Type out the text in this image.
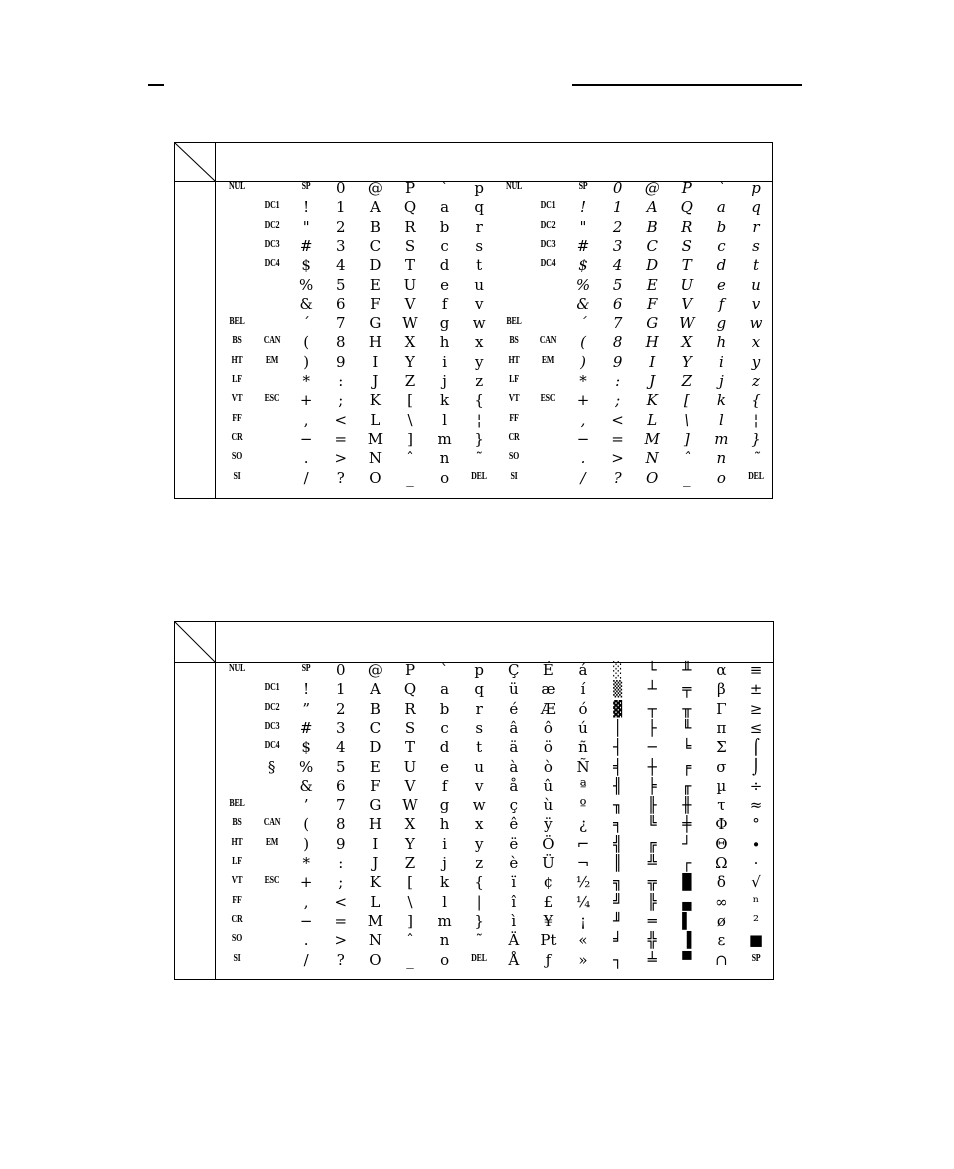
NUL
BEL
BS
HT
LF
VT
FF
CR
SO
SI
DC1
DC2
DC3
DC4
CAN
EM
ESC
SP
!
"
#
$
%
&
´
(
)
*
+
,
−
.
/
0
1
2
3
4
5
6
7
8
9
:
;
<
=
>
?
@
A
B
C
D
E
F
G
H
I
J
K
L
M
N
O
P
Q
R
S
T
U
V
W
X
Y
Z
[
\
]
ˆ
_
`
a
b
c
d
e
f
g
h
i
j
k
l
m
n
o
p
q
r
s
t
u
v
w
x
y
z
{
¦
}
˜
DEL
NUL
BEL
BS
HT
LF
VT
FF
CR
SO
SI
DC1
DC2
DC3
DC4
CAN
EM
ESC
SP
!
"
#
$
%
&
´
(
)
*
+
,
−
.
/
0
1
2
3
4
5
6
7
8
9
:
;
<
=
>
?
@
A
B
C
D
E
F
G
H
I
J
K
L
M
N
O
P
Q
R
S
T
U
V
W
X
Y
Z
[
\
]
ˆ
_
`
a
b
c
d
e
f
g
h
i
j
k
l
m
n
o
p
q
r
s
t
u
v
w
x
y
z
{
¦
}
˜
DEL
NUL
BEL
BS
HT
LF
VT
FF
CR
SO
SI
DC1
DC2
DC3
DC4
§
CAN
EM
ESC
SP
!
”
#
$
%
&
’
(
)
*
+
,
−
.
/
0
1
2
3
4
5
6
7
8
9
:
;
<
=
>
?
@
A
B
C
D
E
F
G
H
I
J
K
L
M
N
O
P
Q
R
S
T
U
V
W
X
Y
Z
[
\
]
ˆ
_
`
a
b
c
d
e
f
g
h
i
j
k
l
m
n
o
p
q
r
s
t
u
v
w
x
y
z
{
|
}
˜
DEL
Ç
ü
é
â
ä
à
å
ç
ê
ë
è
ï
î
ì
Ä
Å
É
æ
Æ
ô
ö
ò
û
ù
ÿ
Ö
Ü
¢
£
¥
Pt
ƒ
á
í
ó
ú
ñ
Ñ
ª
º
¿
⌐
¬
½
¼
¡
«
»
░
▒
▓
│
┤
╡
╢
╖
╕
╣
║
╗
╝
╜
╛
┐
└
┴
┬
├
─
┼
╞
╟
╚
╔
╩
╦
╠
═
╬
╧
╨
╤
╥
╙
╘
╒
╓
╫
╪
┘
┌
█
▄
▌
▐
▀
α
β
Γ
π
Σ
σ
µ
τ
Φ
Θ
Ω
δ
∞
ø
ε
∩
≡
±
≥
≤
⌠
⌡
÷
≈
°
∙
·
√
ⁿ
²
■
SP
